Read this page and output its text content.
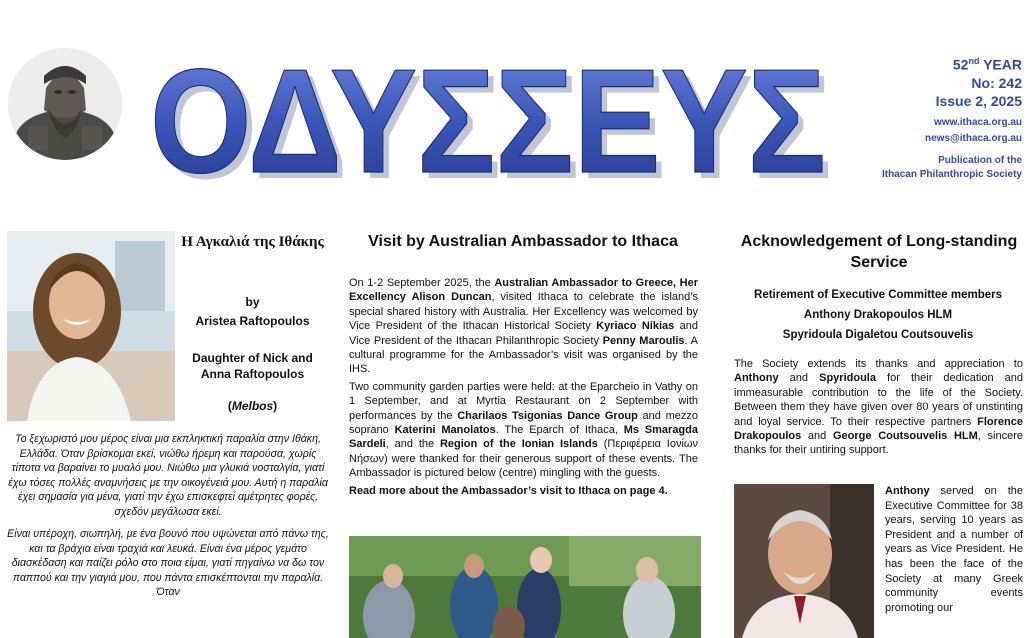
ΟΔΥΣΣΕΥΣ
ΟΔΥΣΣΕΥΣ	52nd YEAR
No: 242
Issue 2, 2025
www.ithaca.org.au
news@ithaca.org.au
Publication of the
Ithacan Philanthropic Society
Η Αγκαλιά της Ιθάκης
by
Aristea Raftopoulos
Daughter of Nick and Anna Raftopoulos
(Melbos)

Το ξεχωριστό μου μέρος είναι μια εκπληκτική παραλία στην Ιθάκη, Ελλάδα. Όταν βρίσκομαι εκεί, νιώθω ήρεμη και παρούσα, χωρίς τίποτα να βαραίνει το μυαλό μου. Νιώθω μια γλυκιά νοσταλγία, γιατί έχω τόσες πολλές αναμνήσεις με την οικογένειά μου. Αυτή η παραλία έχει σημασία για μένα, γιατί την έχω επισκεφτεί αμέτρητες φορές, σχεδόν μεγάλωσα εκεί.

Είναι υπέροχη, σιωπηλή, με ένα βουνό που υψώνεται από πάνω της, και τα βράχια είναι τραχιά και λευκά. Είναι ένα μέρος γεμάτο διασκέδαση και παίζει ρόλο στο ποια είμαι, γιατί πηγαίνω να δω τον παππού και την γιαγιά μου, που πάντα επισκέπτονται την παραλία. Όταν

Visit by Australian Ambassador to Ithaca

On 1-2 September 2025, the Australian Ambassador to Greece, Her Excellency Alison Duncan, visited Ithaca to celebrate the island’s special shared history with Australia. Her Excellency was welcomed by Vice President of the Ithacan Historical Society Kyriaco Nikias and Vice President of the Ithacan Philanthropic Society Penny Maroulis. A cultural programme for the Ambassador’s visit was organised by the IHS.

Two community garden parties were held: at the Eparcheio in Vathy on 1 September, and at Myrtia Restaurant on 2 September with performances by the Charilaos Tsigonias Dance Group and mezzo soprano Katerini Manolatos. The Eparch of Ithaca, Ms Smaragda Sardeli, and the Region of the Ionian Islands (Περιφέρεια Ιονίων Νήσων) were thanked for their generous support of these events. The Ambassador is pictured below (centre) mingling with the guests.

Read more about the Ambassador’s visit to Ithaca on page 4.

Acknowledgement of Long-standing Service
Retirement of Executive Committee members
Anthony Drakopoulos HLM
Spyridoula Digaletou Coutsouvelis
The Society extends its thanks and appreciation to Anthony and Spyridoula for their dedication and immeasurable contribution to the life of the Society. Between them they have given over 80 years of unstinting and loyal service. To their respective partners Florence Drakopoulos and George Coutsouvelis HLM, sincere thanks for their untiring support.
Anthony served on the Executive Committee for 38 years, serving 10 years as President and a number of years as Vice President. He has been the face of the Society at many Greek community events promoting our
